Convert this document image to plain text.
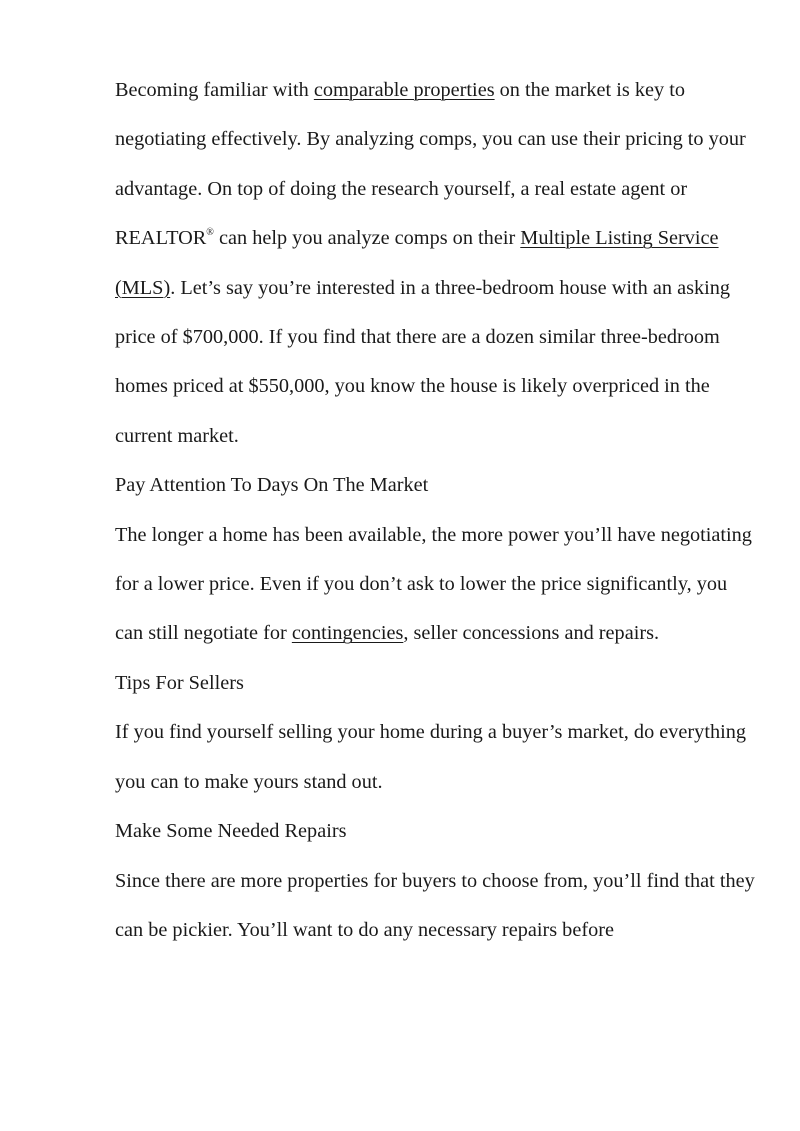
Becoming familiar with comparable properties on the market is key to negotiating effectively. By analyzing comps, you can use their pricing to your advantage. On top of doing the research yourself, a real estate agent or REALTOR® can help you analyze comps on their Multiple Listing Service (MLS). Let’s say you’re interested in a three-bedroom house with an asking price of $700,000. If you find that there are a dozen similar three-bedroom homes priced at $550,000, you know the house is likely overpriced in the current market.

Pay Attention To Days On The Market

The longer a home has been available, the more power you’ll have negotiating for a lower price. Even if you don’t ask to lower the price significantly, you can still negotiate for contingencies, seller concessions and repairs.

Tips For Sellers

If you find yourself selling your home during a buyer’s market, do everything you can to make yours stand out.

Make Some Needed Repairs

Since there are more properties for buyers to choose from, you’ll find that they can be pickier. You’ll want to do any necessary repairs before
